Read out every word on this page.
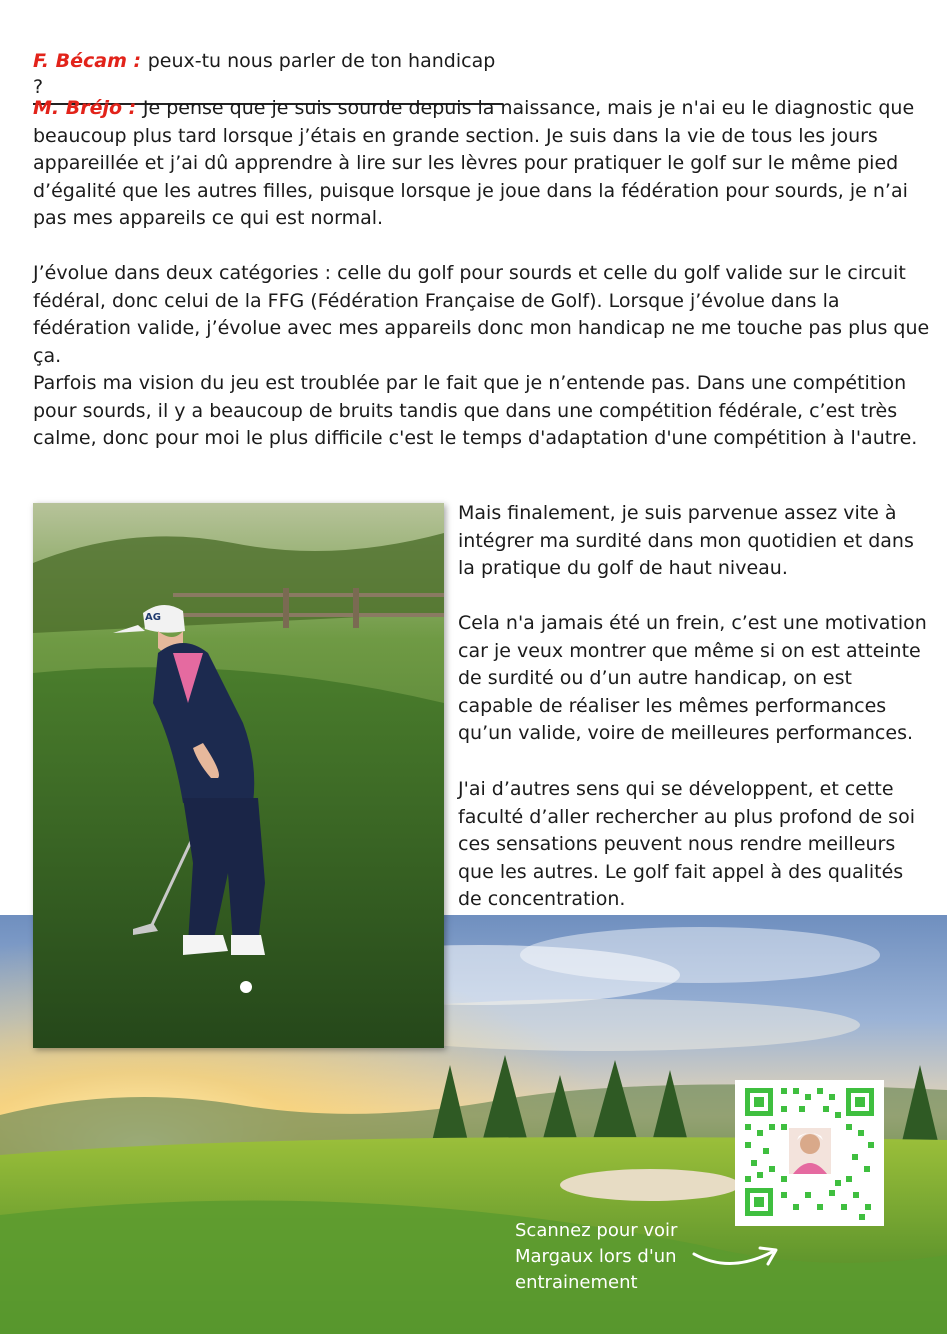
F. Bécam : peux-tu nous parler de ton handicap ?

M. Bréjo : Je pense que je suis sourde depuis la naissance, mais je n'ai eu le diagnostic que beaucoup plus tard lorsque j’étais en grande section. Je suis dans la vie de tous les jours appareillée et j’ai dû apprendre à lire sur les lèvres pour pratiquer le golf sur le même pied d’égalité que les autres filles, puisque lorsque je joue dans la fédération pour sourds, je n’ai pas mes appareils ce qui est normal.

J’évolue dans deux catégories : celle du golf pour sourds et celle du golf valide sur le circuit fédéral, donc celui de la FFG (Fédération Française de Golf). Lorsque j’évolue dans la fédération valide, j’évolue avec mes appareils donc mon handicap ne me touche pas plus que ça.

Parfois ma vision du jeu est troublée par le fait que je n’entende pas. Dans une compétition pour sourds, il y a beaucoup de bruits tandis que dans une compétition fédérale, c’est très calme, donc pour moi le plus difficile c'est le temps d'adaptation d'une compétition à l'autre.

AG

Mais finalement, je suis parvenue assez vite à intégrer ma surdité dans mon quotidien et dans la pratique du golf de haut niveau.

Cela n'a jamais été un frein, c’est une motivation car je veux montrer que même si on est atteinte de surdité ou d’un autre handicap, on est capable de réaliser les mêmes performances qu’un valide, voire de meilleures performances.

J'ai d’autres sens qui se développent, et cette faculté d’aller rechercher au plus profond de soi ces sensations peuvent nous rendre meilleurs que les autres. Le golf fait appel à des qualités de concentration.

Scannez pour voir
Margaux lors d'un
entrainement
